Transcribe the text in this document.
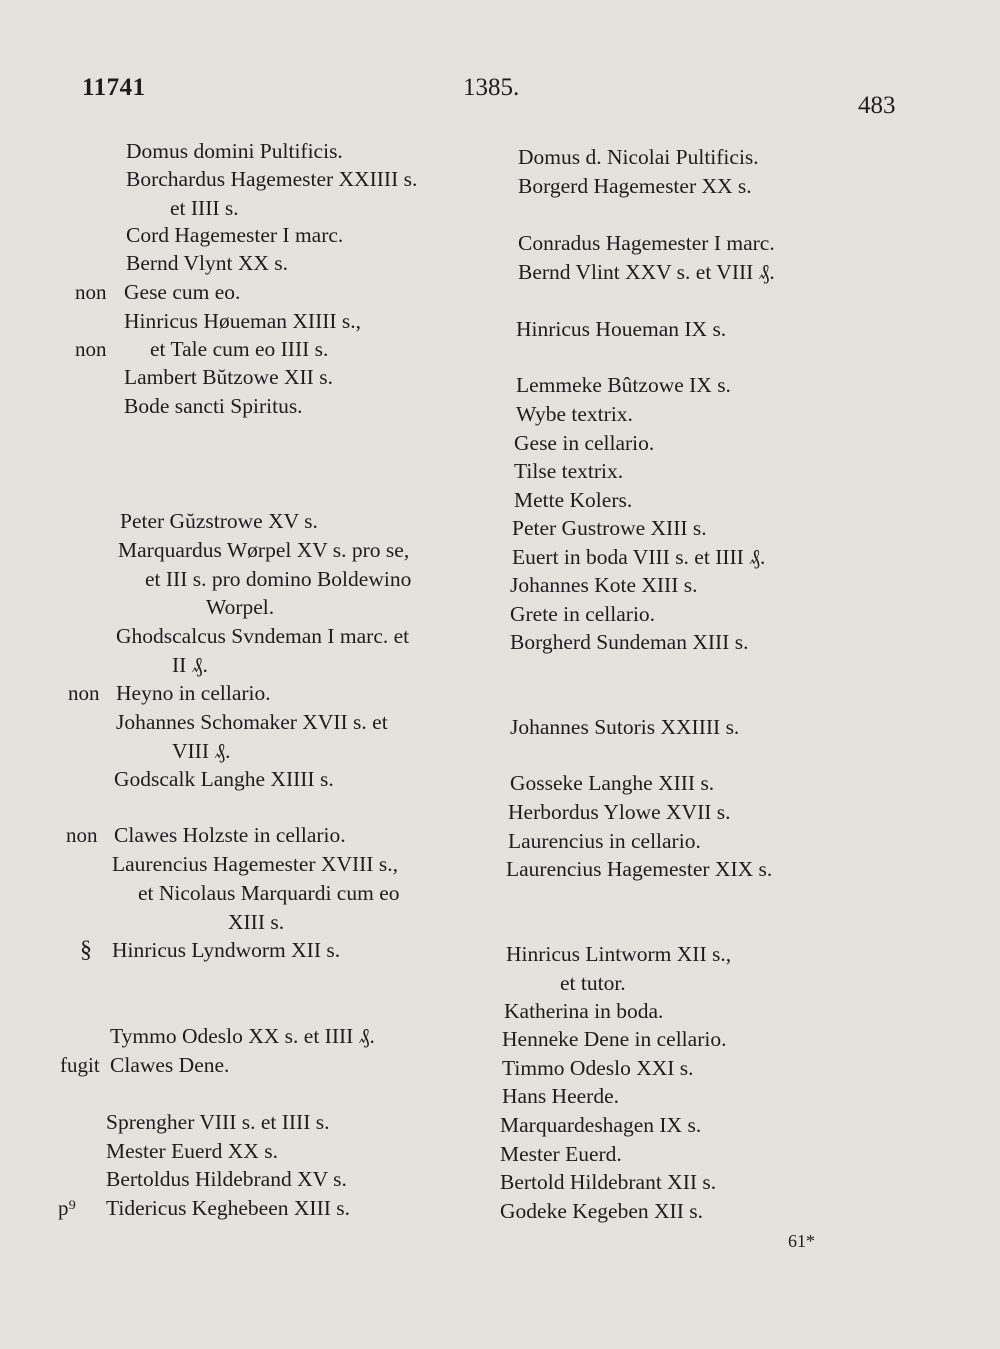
11741	1385.
483
Domus domini Pultificis.
Borchardus Hagemester XXIIII s.
et IIII s.
Cord Hagemester I marc.
Bernd Vlynt XX s.
Gese cum eo.
non
Hinricus Høueman XIIII s.,
et Tale cum eo IIII s.
non
Lambert Bŭtzowe XII s.
Bode sancti Spiritus.
Peter Gŭzstrowe XV s.
Marquardus Wørpel XV s. pro se,
et III s. pro domino Boldewino
Worpel.
Ghodscalcus Svndeman I marc. et
II ₰.
Heyno in cellario.
non
Johannes Schomaker XVII s. et
VIII ₰.
Godscalk Langhe XIIII s.
Clawes Holzste in cellario.
non
Laurencius Hagemester XVIII s.,
et Nicolaus Marquardi cum eo
XIII s.
Hinricus Lyndworm XII s.
§
Tymmo Odeslo XX s. et IIII ₰.
Clawes Dene.
fugit
Sprengher VIII s. et IIII s.
Mester Euerd XX s.
Bertoldus Hildebrand XV s.
Tidericus Keghebeen XIII s.
p⁹
Domus d. Nicolai Pultificis.
Borgerd Hagemester XX s.
Conradus Hagemester I marc.
Bernd Vlint XXV s. et VIII ₰.
Hinricus Houeman IX s.
Lemmeke Bûtzowe IX s.
Wybe textrix.
Gese in cellario.
Tilse textrix.
Mette Kolers.
Peter Gustrowe XIII s.
Euert in boda VIII s. et IIII ₰.
Johannes Kote XIII s.
Grete in cellario.
Borgherd Sundeman XIII s.
Johannes Sutoris XXIIII s.
Gosseke Langhe XIII s.
Herbordus Ylowe XVII s.
Laurencius in cellario.
Laurencius Hagemester XIX s.
Hinricus Lintworm XII s.,
et tutor.
Katherina in boda.
Henneke Dene in cellario.
Timmo Odeslo XXI s.
Hans Heerde.
Marquardeshagen IX s.
Mester Euerd.
Bertold Hildebrant XII s.
Godeke Kegeben XII s.
61*
